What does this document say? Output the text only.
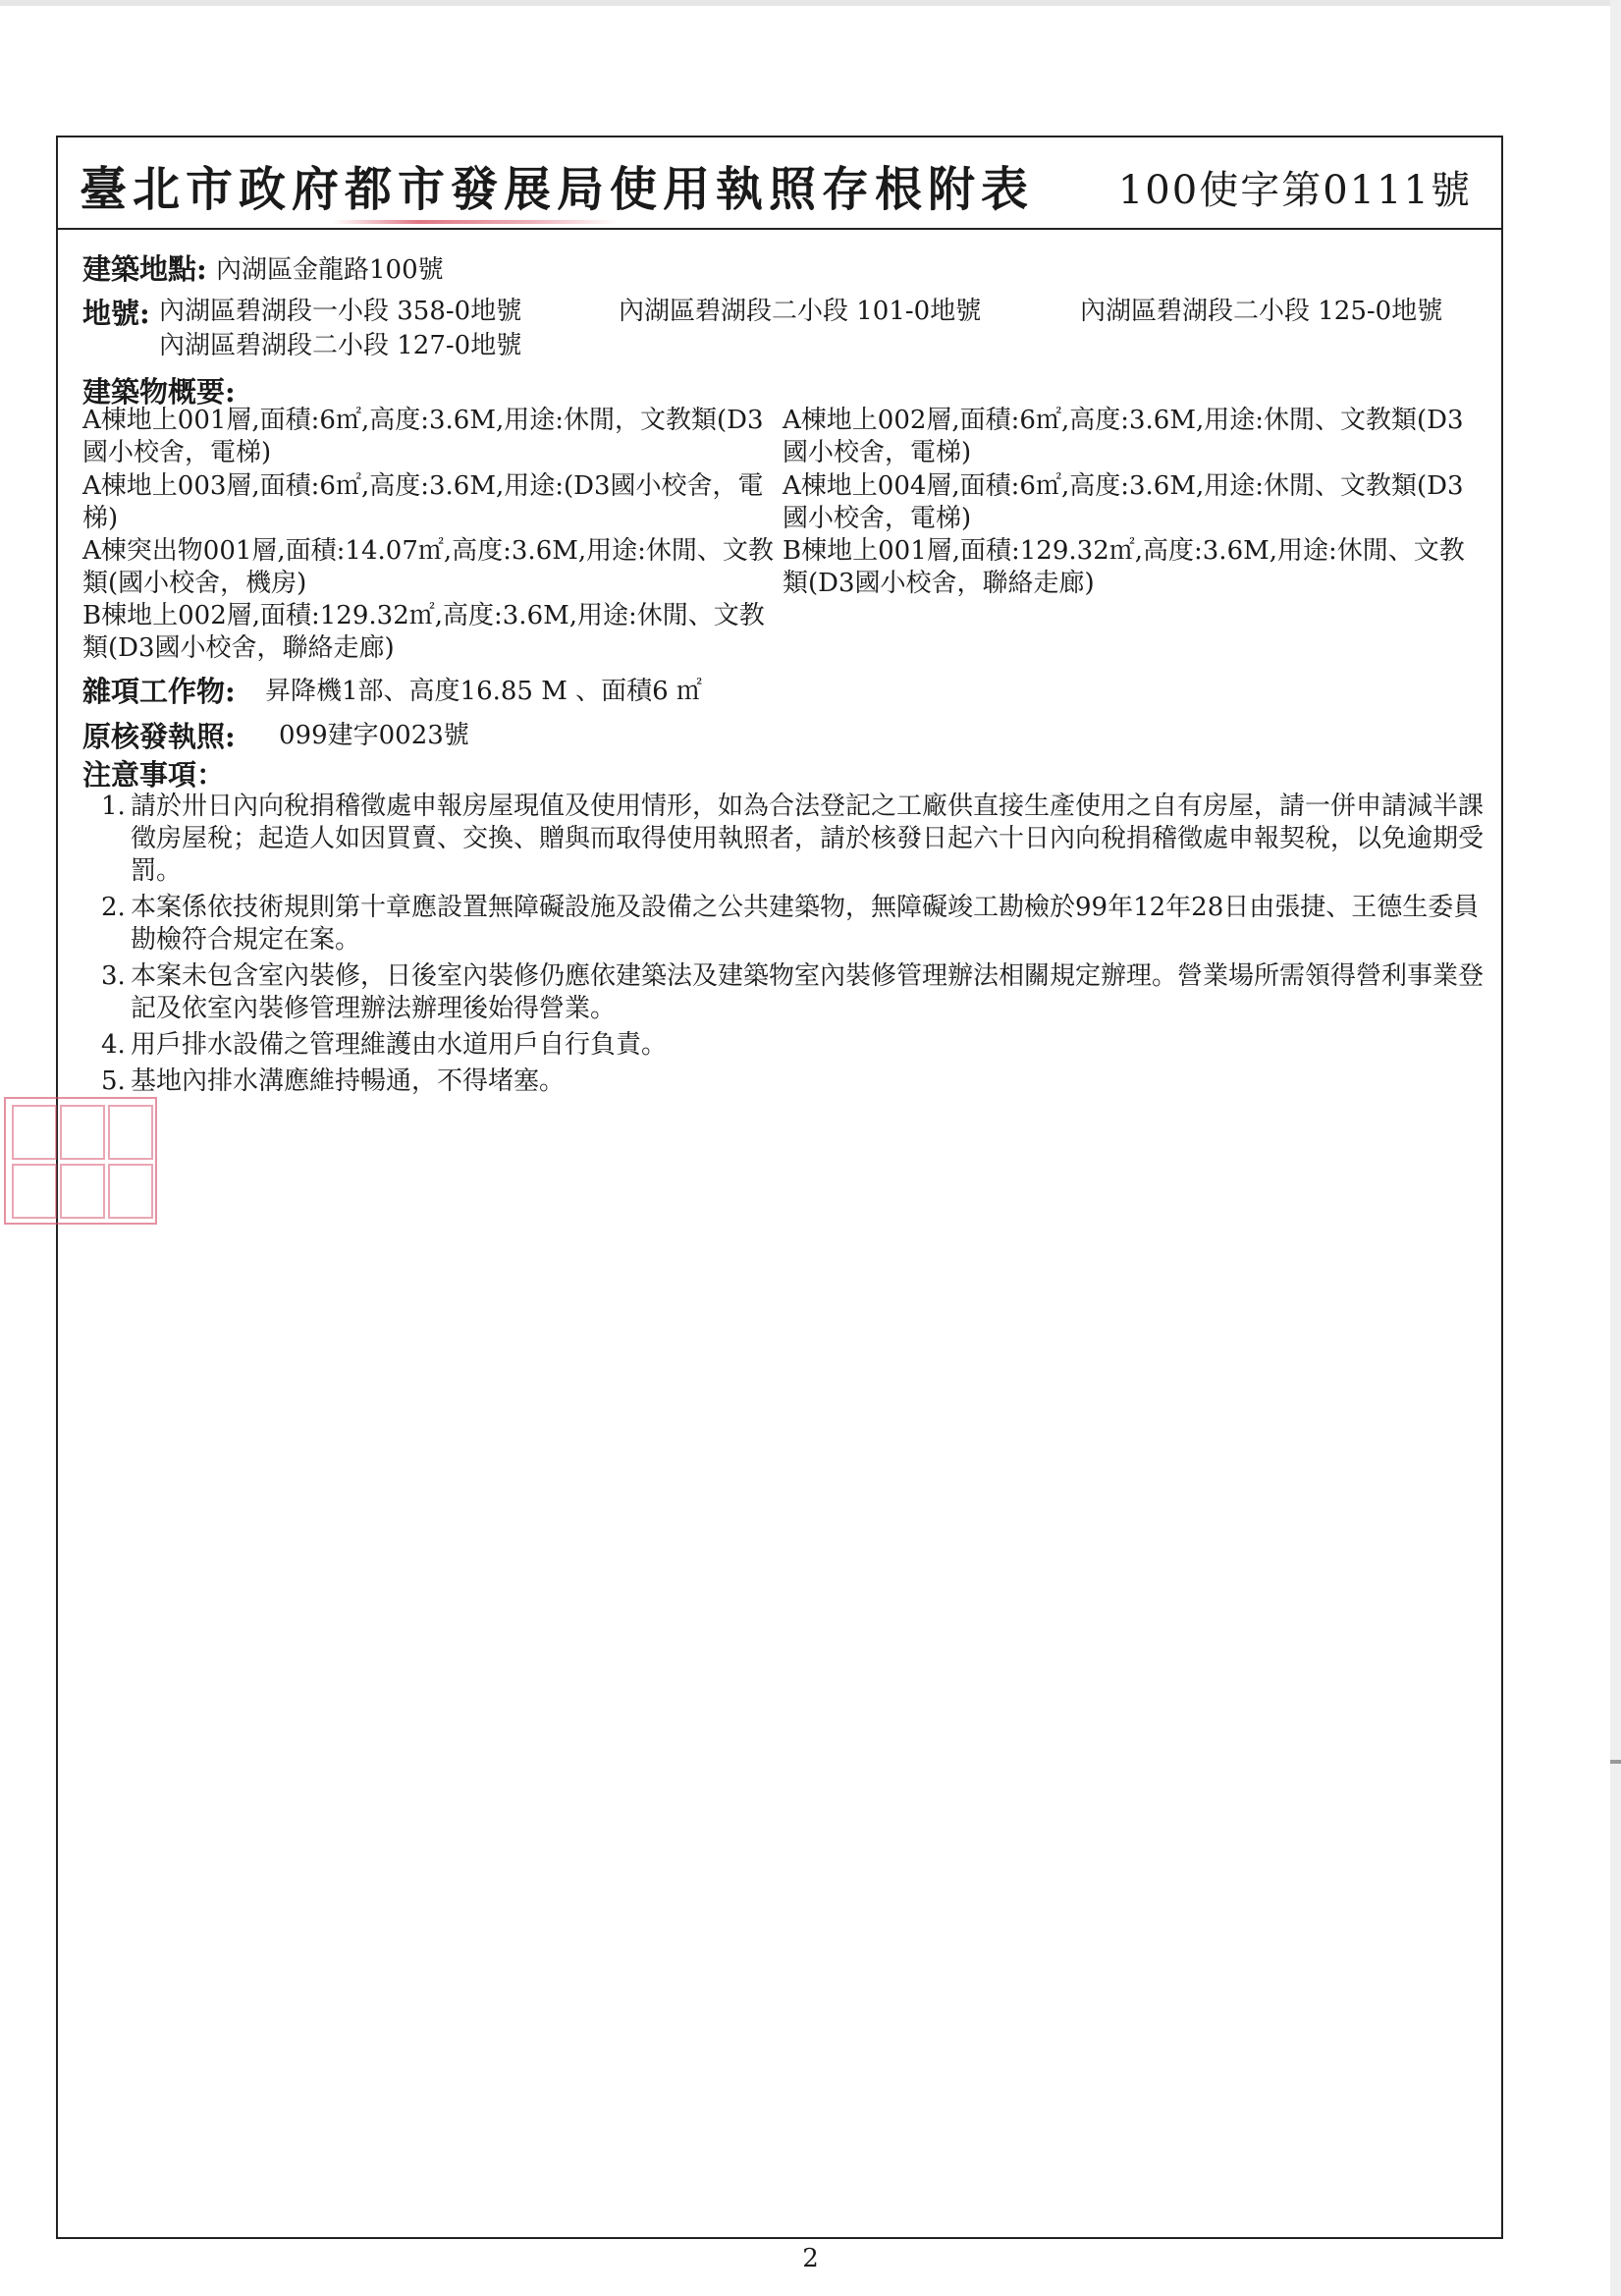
臺北市政府都市發展局使用執照存根附表 100使字第0111號
建築地點: 內湖區金龍路100號
地號: 內湖區碧湖段一小段 358-0地號	內湖區碧湖段二小段 101-0地號	內湖區碧湖段二小段 125-0地號
內湖區碧湖段二小段 127-0地號
建築物概要:
A棟地上001層,面積:6㎡,高度:3.6M,用途:休閒，文教類(D3國小校舍，電梯)
A棟地上002層,面積:6㎡,高度:3.6M,用途:休閒、文教類(D3國小校舍，電梯)
A棟地上003層,面積:6㎡,高度:3.6M,用途:(D3國小校舍，電梯)
A棟地上004層,面積:6㎡,高度:3.6M,用途:休閒、文教類(D3國小校舍，電梯)
A棟突出物001層,面積:14.07㎡,高度:3.6M,用途:休閒、文教類(國小校舍，機房)
B棟地上001層,面積:129.32㎡,高度:3.6M,用途:休閒、文教類(D3國小校舍，聯絡走廊)
B棟地上002層,面積:129.32㎡,高度:3.6M,用途:休閒、文教類(D3國小校舍，聯絡走廊)
雜項工作物: 昇降機1部、高度16.85 M 、面積6 ㎡
原核發執照: 099建字0023號
注意事項：
1. 請於卅日內向稅捐稽徵處申報房屋現值及使用情形，如為合法登記之工廠供直接生產使用之自有房屋，請一併申請減半課徵房屋稅；起造人如因買賣、交換、贈與而取得使用執照者，請於核發日起六十日內向稅捐稽徵處申報契稅，以免逾期受罰。
2. 本案係依技術規則第十章應設置無障礙設施及設備之公共建築物，無障礙竣工勘檢於99年12年28日由張捷、王德生委員勘檢符合規定在案。
3. 本案未包含室內裝修，日後室內裝修仍應依建築法及建築物室內裝修管理辦法相關規定辦理。營業場所需領得營利事業登記及依室內裝修管理辦法辦理後始得營業。
4. 用戶排水設備之管理維護由水道用戶自行負責。
5. 基地內排水溝應維持暢通，不得堵塞。
2
